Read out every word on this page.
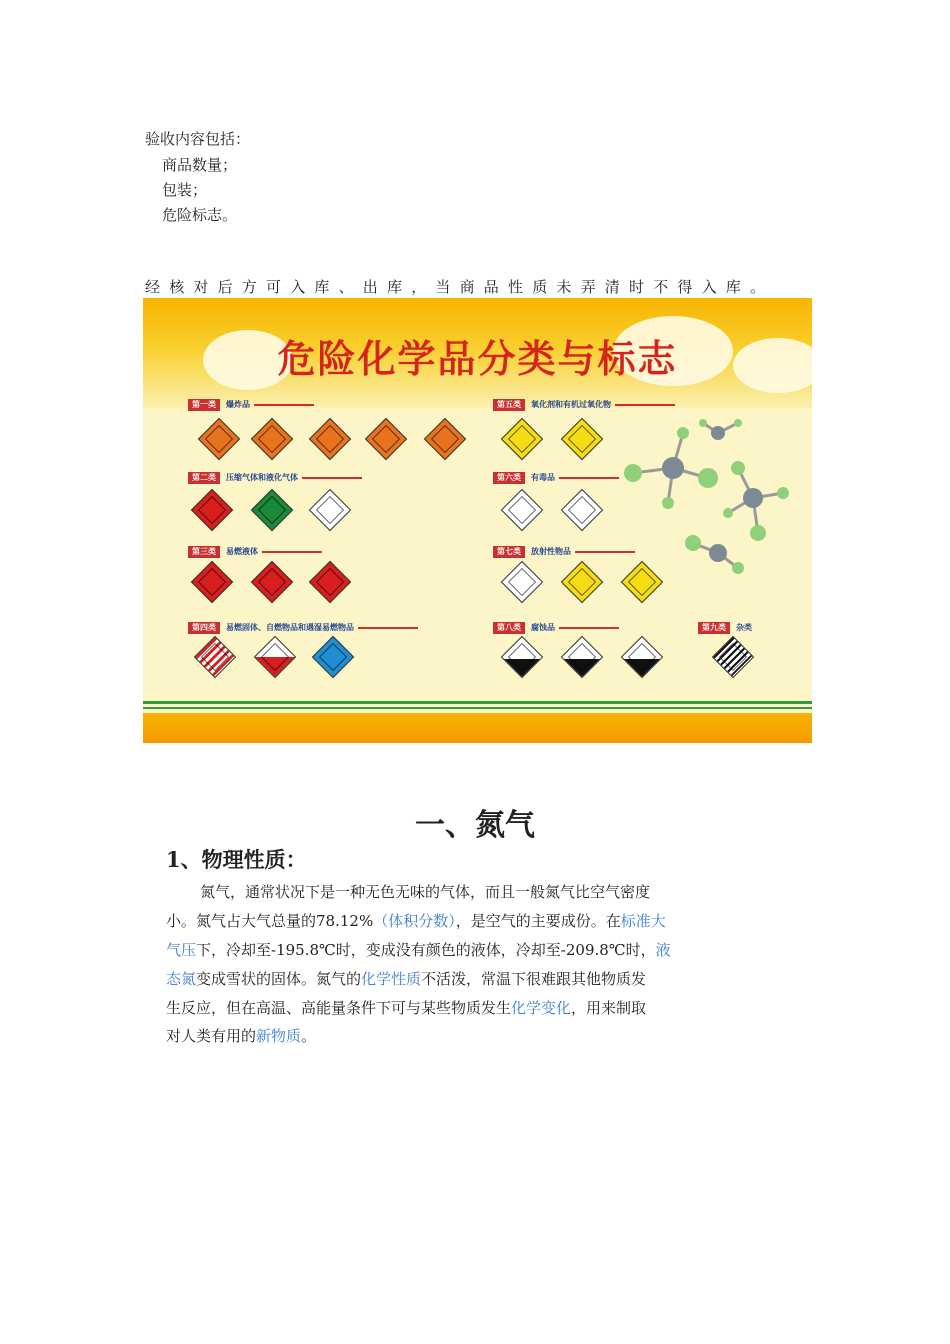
验收内容包括：
商品数量；
包装；
危险标志。
经核对后方可入库、出库，当商品性质未弄清时不得入库。
危险化学品分类与标志
第一类 爆炸品
第二类 压缩气体和液化气体
第三类 易燃液体
第四类 易燃固体、自燃物品和遇湿易燃物品
第五类 氧化剂和有机过氧化物
第六类 有毒品
第七类 放射性物品
第八类 腐蚀品	第九类 杂类
一、氮气
1、物理性质：
氮气，通常状况下是一种无色无味的气体，而且一般氮气比空气密度
小。氮气占大气总量的78.12%（体积分数），是空气的主要成份。在标准大
气压下，冷却至-195.8℃时，变成没有颜色的液体，冷却至-209.8℃时，液
态氮变成雪状的固体。氮气的化学性质不活泼，常温下很难跟其他物质发
生反应，但在高温、高能量条件下可与某些物质发生化学变化，用来制取
对人类有用的新物质。
